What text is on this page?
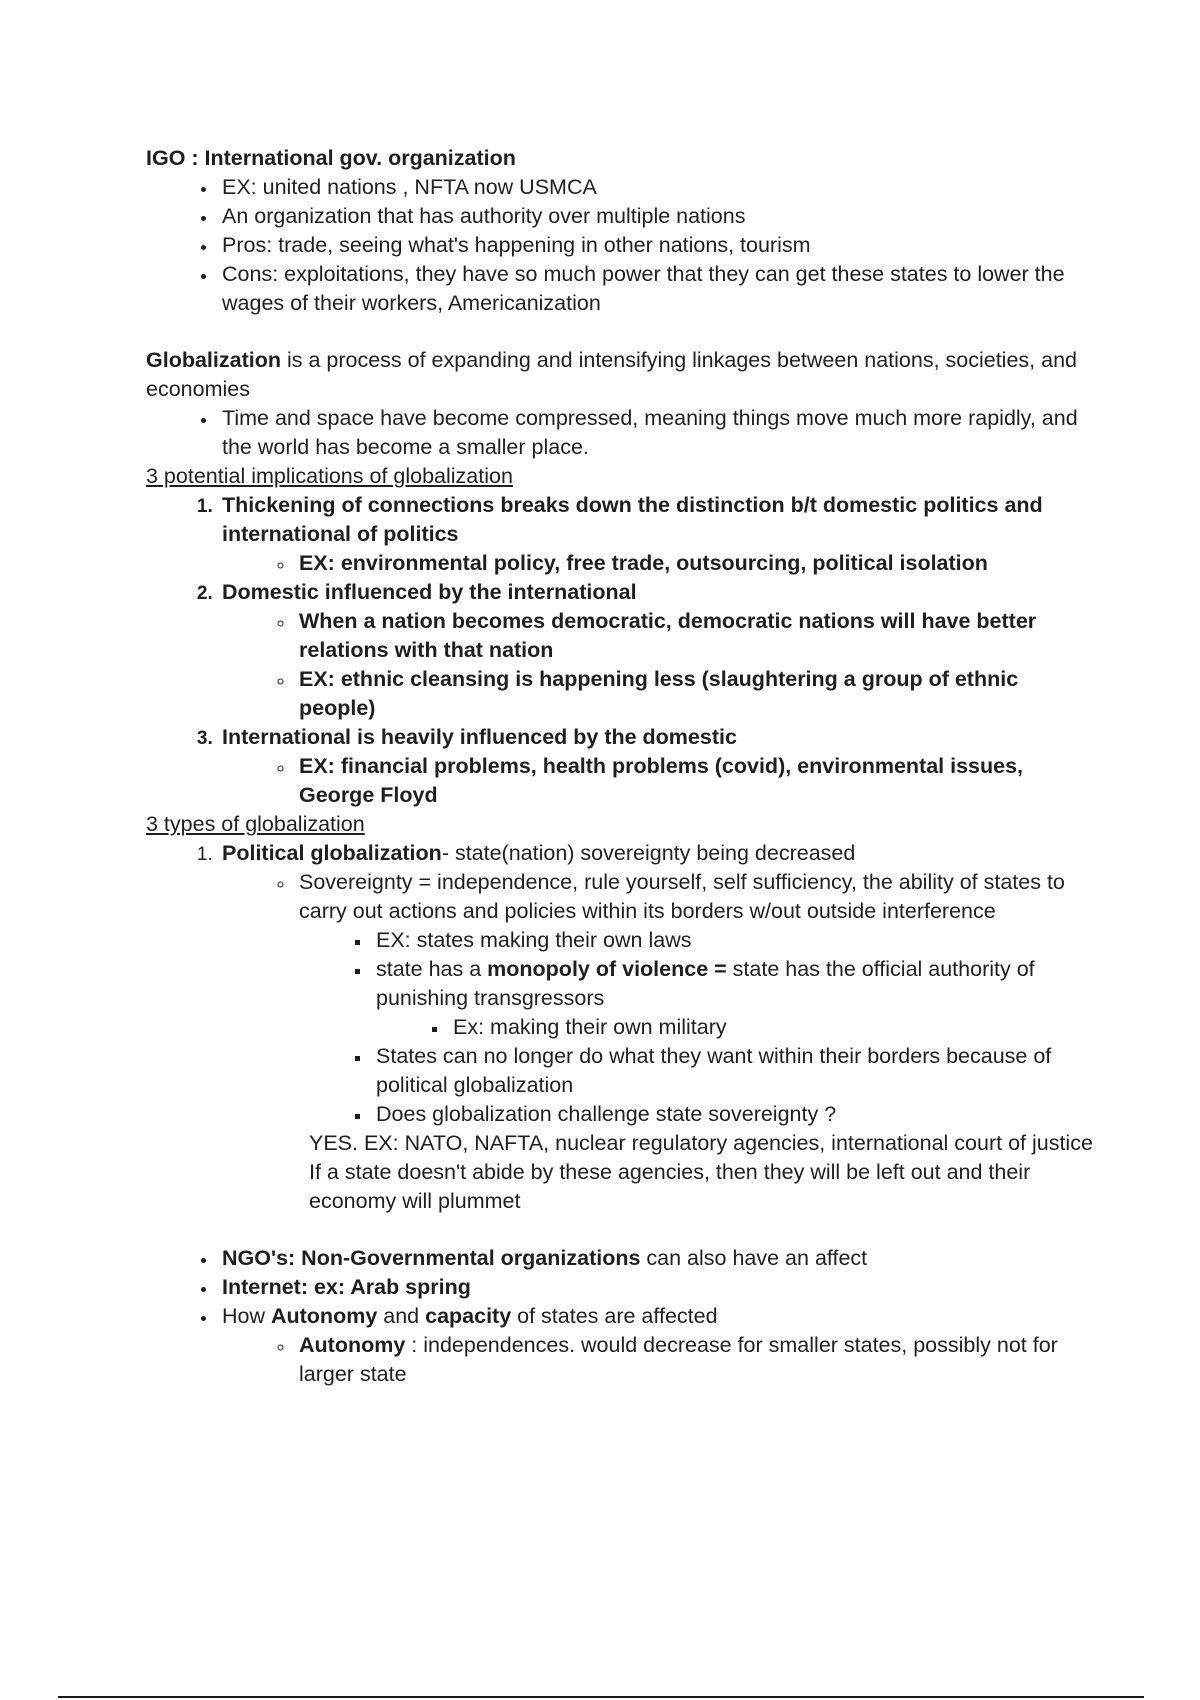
IGO : International gov. organization

• EX: united nations , NFTA now USMCA
• An organization that has authority over multiple nations
• Pros: trade, seeing what's happening in other nations, tourism
• Cons: exploitations, they have so much power that they can get these states to lower the wages of their workers, Americanization

Globalization is a process of expanding and intensifying linkages between nations, societies, and economies

• Time and space have become compressed, meaning things move much more rapidly, and the world has become a smaller place.

3 potential implications of globalization

1. Thickening of connections breaks down the distinction b/t domestic politics and international of politics
◦ EX: environmental policy, free trade, outsourcing, political isolation
2. Domestic influenced by the international
◦ When a nation becomes democratic, democratic nations will have better relations with that nation
◦ EX: ethnic cleansing is happening less (slaughtering a group of ethnic people)
3. International is heavily influenced by the domestic
◦ EX: financial problems, health problems (covid), environmental issues, George Floyd

3 types of globalization

1. Political globalization- state(nation) sovereignty being decreased
◦ Sovereignty = independence, rule yourself, self sufficiency, the ability of states to carry out actions and policies within its borders w/out outside interference
▪ EX: states making their own laws
▪ state has a monopoly of violence = state has the official authority of punishing transgressors
▪ Ex: making their own military
▪ States can no longer do what they want within their borders because of political globalization
▪ Does globalization challenge state sovereignty ?

YES. EX: NATO, NAFTA, nuclear regulatory agencies, international court of justice

If a state doesn't abide by these agencies, then they will be left out and their economy will plummet

• NGO's: Non-Governmental organizations can also have an affect
• Internet: ex: Arab spring
• How Autonomy and capacity of states are affected
◦ Autonomy : independences. would decrease for smaller states, possibly not for larger state
